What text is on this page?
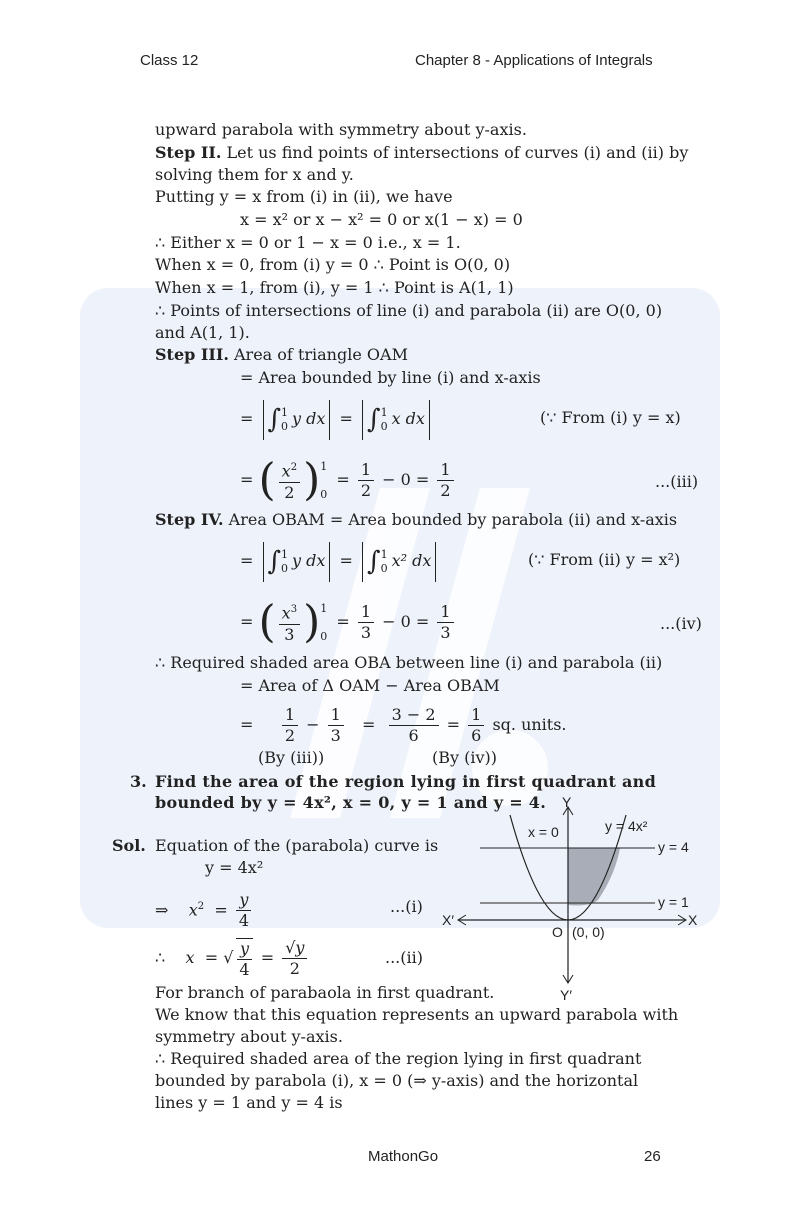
Class 12	Chapter 8 - Applications of Integrals
upward parabola with symmetry about y-axis.
Step II. Let us find points of intersections of curves (i) and (ii) by
solving them for x and y.
Putting y = x from (i) in (ii), we have
x = x² or x − x² = 0 or x(1 − x) = 0
∴ Either x = 0 or 1 − x = 0 i.e., x = 1.
When x = 0, from (i) y = 0 ∴ Point is O(0, 0)
When x = 1, from (i), y = 1 ∴ Point is A(1, 1)
∴ Points of intersections of line (i) and parabola (ii) are O(0, 0)
and A(1, 1).
Step III. Area of triangle OAM
= Area bounded by line (i) and x-axis
= ∫ 1
0 y dx = ∫ 1
0 x dx	(∵ From (i) y = x)
= ( $\frac{x^2}{2}$ ) 1

0
= $\frac{1}{2} - 0 = \frac{1}{2}$	...(iii)
Step IV. Area OBAM = Area bounded by parabola (ii) and x-axis
= ∫ 1
0 y dx = ∫ 1
0 x² dx	(∵ From (ii) y = x²)
= ( $\frac{x^3}{3}$ ) 1

0
= $\frac{1}{3} - 0 = \frac{1}{3}$	...(iv)
∴ Required shaded area OBA between line (i) and parabola (ii)
= Area of Δ OAM − Area OBAM
= $\frac{1}{2} - \frac{1}{3} = \frac{3 - 2}{6} = \frac{1}{6}$ sq. units.
(By (iii))	(By (iv))
3. Find the area of the region lying in first quadrant and bounded by y = 4x², x = 0, y = 1 and y = 4.
Sol. Equation of the (parabola) curve is
y = 4x²
⇒    $x^2 = \frac{y}{4}$	...(i)
∴    x  = √ $\frac{y}{4} = \frac{√y}{2}$	...(ii)
For branch of parabaola in first quadrant.
We know that this equation represents an upward parabola with
symmetry about y-axis.
∴ Required shaded area of the region lying in first quadrant
bounded by parabola (i), x = 0 (⇒ y-axis) and the horizontal
lines y = 1 and y = 4 is
Y
Y′
X
X′
O (0, 0)
x = 0	y = 4x²
y = 4
y = 1
MathonGo	26
